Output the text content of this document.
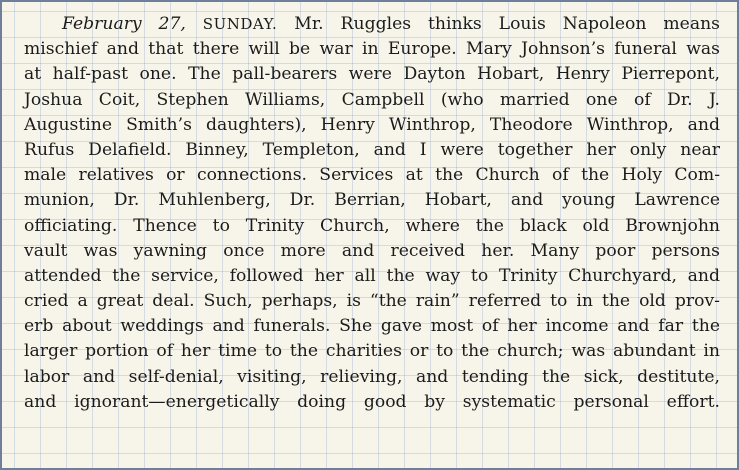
February 27, SUNDAY. Mr. Ruggles thinks Louis Napoleon means
mischief and that there will be war in Europe. Mary Johnson’s funeral was
at half-past one. The pall-bearers were Dayton Hobart, Henry Pierrepont,
Joshua Coit, Stephen Williams, Campbell (who married one of Dr. J.
Augustine Smith’s daughters), Henry Winthrop, Theodore Winthrop, and
Rufus Delafield. Binney, Templeton, and I were together her only near
male relatives or connections. Services at the Church of the Holy Com-
munion, Dr. Muhlenberg, Dr. Berrian, Hobart, and young Lawrence
officiating. Thence to Trinity Church, where the black old Brownjohn
vault was yawning once more and received her. Many poor persons
attended the service, followed her all the way to Trinity Churchyard, and
cried a great deal. Such, perhaps, is “the rain” referred to in the old prov-
erb about weddings and funerals. She gave most of her income and far the
larger portion of her time to the charities or to the church; was abundant in
labor and self-denial, visiting, relieving, and tending the sick, destitute,
and ignorant—energetically doing good by systematic personal effort.
